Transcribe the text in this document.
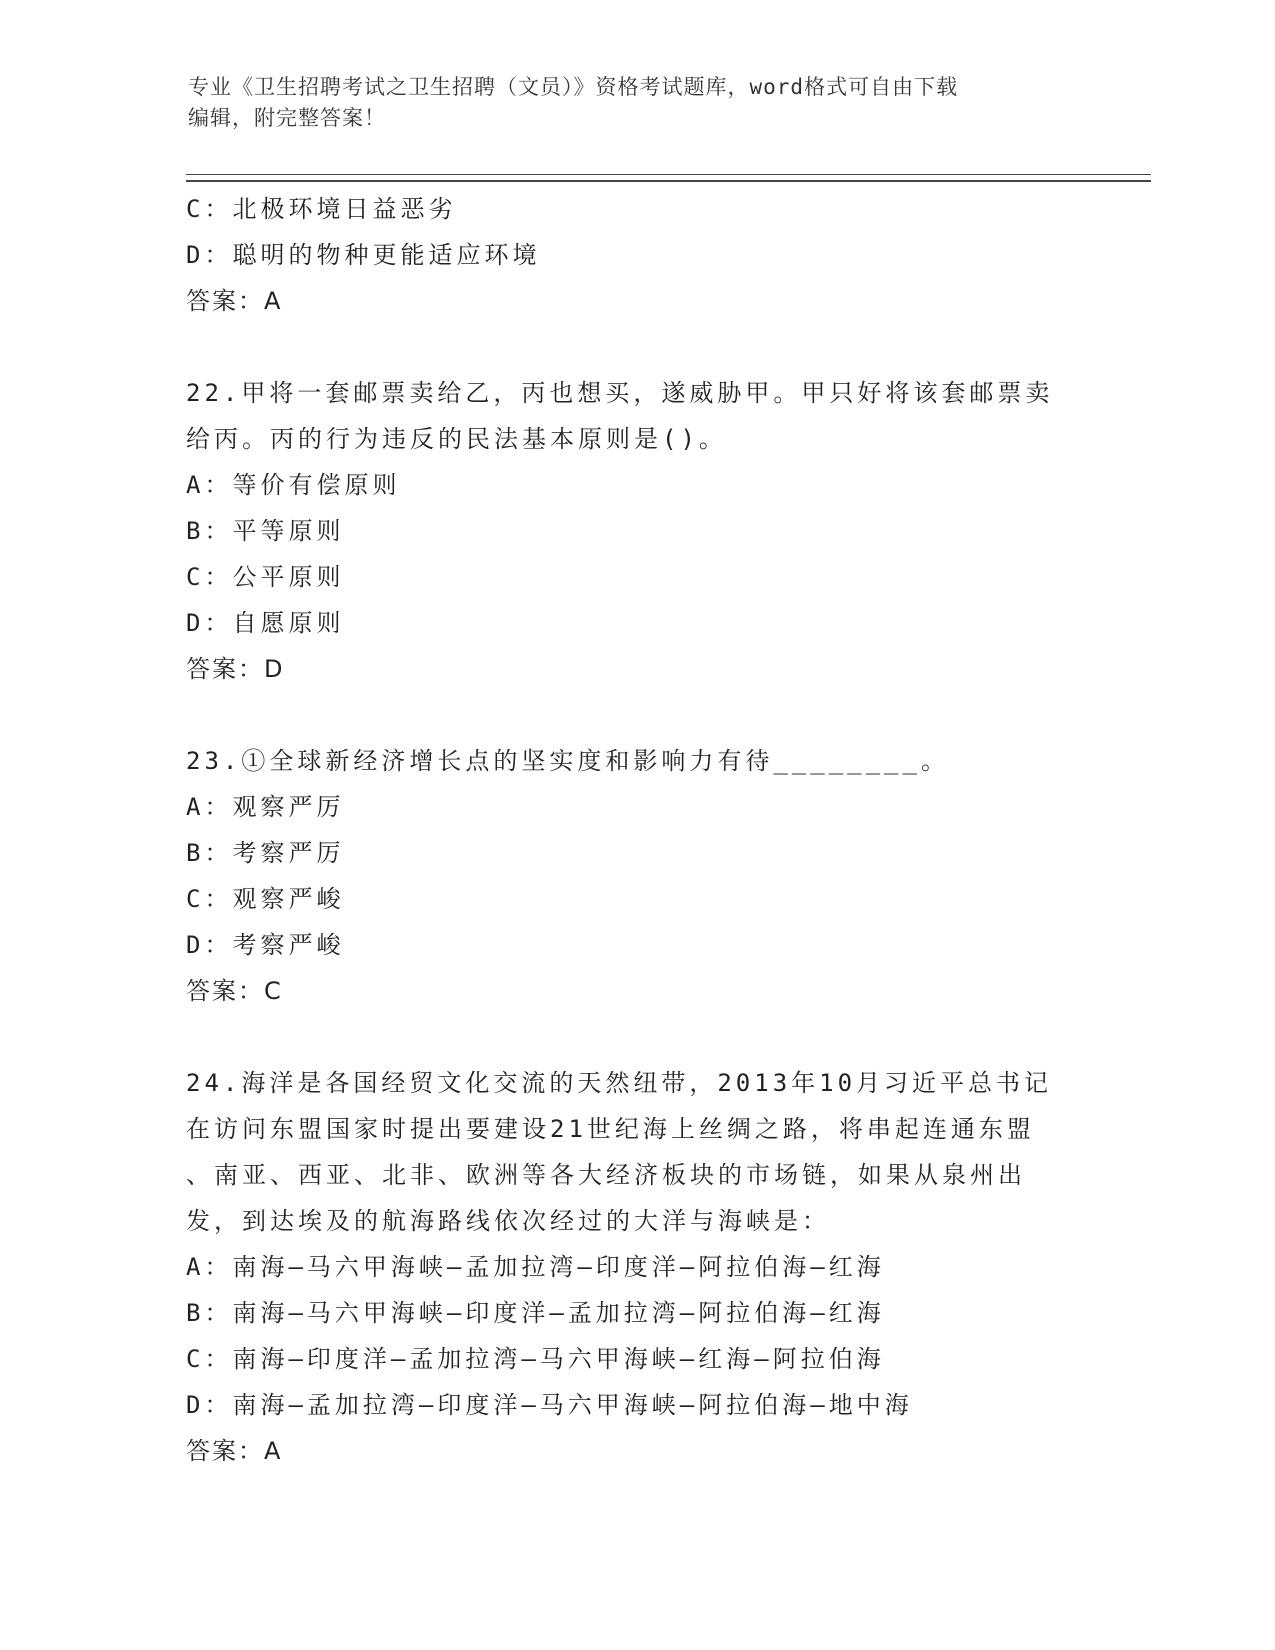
专业《卫生招聘考试之卫生招聘（文员）》资格考试题库，word格式可自由下载
编辑，附完整答案！
C：北极环境日益恶劣
D：聪明的物种更能适应环境
答案：A
22.甲将一套邮票卖给乙，丙也想买，遂威胁甲。甲只好将该套邮票卖
给丙。丙的行为违反的民法基本原则是()。
A：等价有偿原则
B：平等原则
C：公平原则
D：自愿原则
答案：D
23.①全球新经济增长点的坚实度和影响力有待________。
A：观察严厉
B：考察严厉
C：观察严峻
D：考察严峻
答案：C
24.海洋是各国经贸文化交流的天然纽带，2013年10月习近平总书记
在访问东盟国家时提出要建设21世纪海上丝绸之路，将串起连通东盟
、南亚、西亚、北非、欧洲等各大经济板块的市场链，如果从泉州出
发，到达埃及的航海路线依次经过的大洋与海峡是：
A：南海—马六甲海峡—孟加拉湾—印度洋—阿拉伯海—红海
B：南海—马六甲海峡—印度洋—孟加拉湾—阿拉伯海—红海
C：南海—印度洋—孟加拉湾—马六甲海峡—红海—阿拉伯海
D：南海—孟加拉湾—印度洋—马六甲海峡—阿拉伯海—地中海
答案：A
